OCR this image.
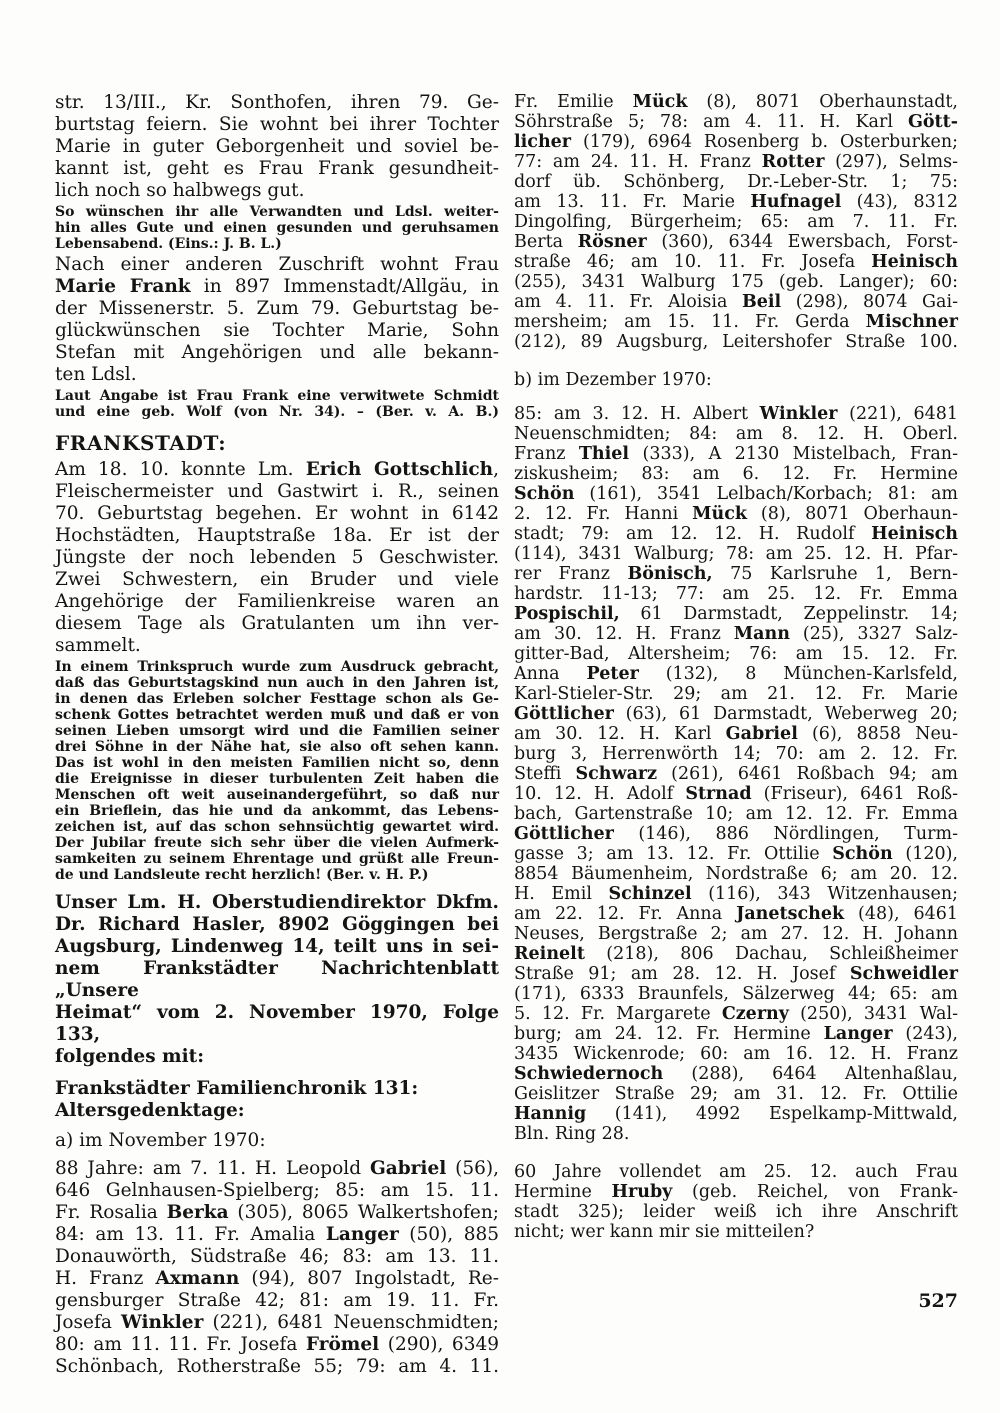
str. 13/III., Kr. Sonthofen, ihren 79. Ge-
burtstag feiern. Sie wohnt bei ihrer Tochter
Marie in guter Geborgenheit und soviel be-
kannt ist, geht es Frau Frank gesundheit-
lich noch so halbwegs gut.
So wünschen ihr alle Verwandten und Ldsl. weiter-
hin alles Gute und einen gesunden und geruhsamen
Lebensabend. (Eins.: J. B. L.)
Nach einer anderen Zuschrift wohnt Frau
Marie Frank in 897 Immenstadt/Allgäu, in
der Missenerstr. 5. Zum 79. Geburtstag be-
glückwünschen sie Tochter Marie, Sohn
Stefan mit Angehörigen und alle bekann-
ten Ldsl.
Laut Angabe ist Frau Frank eine verwitwete Schmidt
und eine geb. Wolf (von Nr. 34). – (Ber. v. A. B.)
FRANKSTADT:
Am 18. 10. konnte Lm. Erich Gottschlich,
Fleischermeister und Gastwirt i. R., seinen
70. Geburtstag begehen. Er wohnt in 6142
Hochstädten, Hauptstraße 18a. Er ist der
Jüngste der noch lebenden 5 Geschwister.
Zwei Schwestern, ein Bruder und viele
Angehörige der Familienkreise waren an
diesem Tage als Gratulanten um ihn ver-
sammelt.
In einem Trinkspruch wurde zum Ausdruck gebracht,
daß das Geburtstagskind nun auch in den Jahren ist,
in denen das Erleben solcher Festtage schon als Ge-
schenk Gottes betrachtet werden muß und daß er von
seinen Lieben umsorgt wird und die Familien seiner
drei Söhne in der Nähe hat, sie also oft sehen kann.
Das ist wohl in den meisten Familien nicht so, denn
die Ereignisse in dieser turbulenten Zeit haben die
Menschen oft weit auseinandergeführt, so daß nur
ein Brieflein, das hie und da ankommt, das Lebens-
zeichen ist, auf das schon sehnsüchtig gewartet wird.
Der Jubilar freute sich sehr über die vielen Aufmerk-
samkeiten zu seinem Ehrentage und grüßt alle Freun-
de und Landsleute recht herzlich! (Ber. v. H. P.)
Unser Lm. H. Oberstudiendirektor Dkfm.
Dr. Richard Hasler, 8902 Göggingen bei
Augsburg, Lindenweg 14, teilt uns in sei-
nem Frankstädter Nachrichtenblatt „Unsere
Heimat“ vom 2. November 1970, Folge 133,
folgendes mit:
Frankstädter Familienchronik 131:
Altersgedenktage:
a) im November 1970:
88 Jahre: am 7. 11. H. Leopold Gabriel (56),
646 Gelnhausen-Spielberg; 85: am 15. 11.
Fr. Rosalia Berka (305), 8065 Walkertshofen;
84: am 13. 11. Fr. Amalia Langer (50), 885
Donauwörth, Südstraße 46; 83: am 13. 11.
H. Franz Axmann (94), 807 Ingolstadt, Re-
gensburger Straße 42; 81: am 19. 11. Fr.
Josefa Winkler (221), 6481 Neuenschmidten;
80: am 11. 11. Fr. Josefa Frömel (290), 6349
Schönbach, Rotherstraße 55; 79: am 4. 11.
Fr. Emilie Mück (8), 8071 Oberhaunstadt,
Söhrstraße 5; 78: am 4. 11. H. Karl Gött-
licher (179), 6964 Rosenberg b. Osterburken;
77: am 24. 11. H. Franz Rotter (297), Selms-
dorf üb. Schönberg, Dr.-Leber-Str. 1; 75:
am 13. 11. Fr. Marie Hufnagel (43), 8312
Dingolfing, Bürgerheim; 65: am 7. 11. Fr.
Berta Rösner (360), 6344 Ewersbach, Forst-
straße 46; am 10. 11. Fr. Josefa Heinisch
(255), 3431 Walburg 175 (geb. Langer); 60:
am 4. 11. Fr. Aloisia Beil (298), 8074 Gai-
mersheim; am 15. 11. Fr. Gerda Mischner
(212), 89 Augsburg, Leitershofer Straße 100.
b) im Dezember 1970:
85: am 3. 12. H. Albert Winkler (221), 6481
Neuenschmidten; 84: am 8. 12. H. Oberl.
Franz Thiel (333), A 2130 Mistelbach, Fran-
ziskusheim; 83: am 6. 12. Fr. Hermine
Schön (161), 3541 Lelbach/Korbach; 81: am
2. 12. Fr. Hanni Mück (8), 8071 Oberhaun-
stadt; 79: am 12. 12. H. Rudolf Heinisch
(114), 3431 Walburg; 78: am 25. 12. H. Pfar-
rer Franz Bönisch, 75 Karlsruhe 1, Bern-
hardstr. 11-13; 77: am 25. 12. Fr. Emma
Pospischil, 61 Darmstadt, Zeppelinstr. 14;
am 30. 12. H. Franz Mann (25), 3327 Salz-
gitter-Bad, Altersheim; 76: am 15. 12. Fr.
Anna Peter (132), 8 München-Karlsfeld,
Karl-Stieler-Str. 29; am 21. 12. Fr. Marie
Göttlicher (63), 61 Darmstadt, Weberweg 20;
am 30. 12. H. Karl Gabriel (6), 8858 Neu-
burg 3, Herrenwörth 14; 70: am 2. 12. Fr.
Steffi Schwarz (261), 6461 Roßbach 94; am
10. 12. H. Adolf Strnad (Friseur), 6461 Roß-
bach, Gartenstraße 10; am 12. 12. Fr. Emma
Göttlicher (146), 886 Nördlingen, Turm-
gasse 3; am 13. 12. Fr. Ottilie Schön (120),
8854 Bäumenheim, Nordstraße 6; am 20. 12.
H. Emil Schinzel (116), 343 Witzenhausen;
am 22. 12. Fr. Anna Janetschek (48), 6461
Neuses, Bergstraße 2; am 27. 12. H. Johann
Reinelt (218), 806 Dachau, Schleißheimer
Straße 91; am 28. 12. H. Josef Schweidler
(171), 6333 Braunfels, Sälzerweg 44; 65: am
5. 12. Fr. Margarete Czerny (250), 3431 Wal-
burg; am 24. 12. Fr. Hermine Langer (243),
3435 Wickenrode; 60: am 16. 12. H. Franz
Schwiedernoch (288), 6464 Altenhaßlau,
Geislitzer Straße 29; am 31. 12. Fr. Ottilie
Hannig (141), 4992 Espelkamp-Mittwald,
Bln. Ring 28.
60 Jahre vollendet am 25. 12. auch Frau
Hermine Hruby (geb. Reichel, von Frank-
stadt 325); leider weiß ich ihre Anschrift
nicht; wer kann mir sie mitteilen?
527
